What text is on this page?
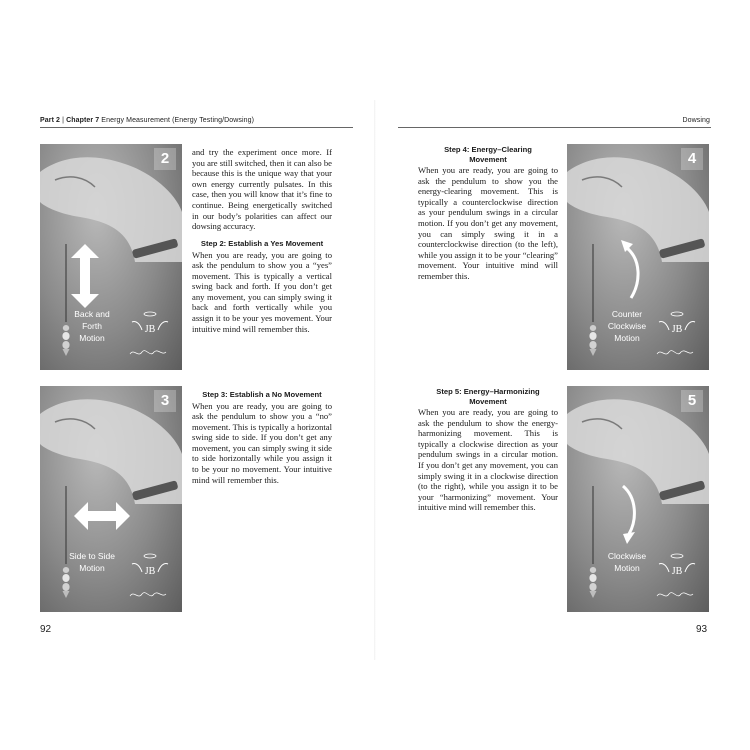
Part 2 | Chapter 7 Energy Measurement (Energy Testing/Dowsing)	Dowsing
2
Back and
Forth
Motion
JB
3
Side to Side
Motion	JB

and try the experiment once more. If you are still switched, then it can also be because this is the unique way that your own energy currently pulsates. In this case, then you will know that it’s fine to continue. Being energetically switched in our body’s polarities can affect our dowsing accuracy.

Step 2: Establish a Yes Movement

When you are ready, you are going to ask the pendulum to show you a “yes” movement. This is typically a vertical swing back and forth. If you don’t get any movement, you can simply swing it back and forth vertically while you assign it to be your yes movement. Your intuitive mind will remember this.

Step 3: Establish a No Movement

When you are ready, you are going to ask the pendulum to show you a “no” movement. This is typically a horizontal swing side to side. If you don’t get any movement, you can simply swing it side to side horizontally while you assign it to be your no movement. Your intuitive mind will remember this.

92
Step 4: Energy–Clearing
Movement

When you are ready, you are going to ask the pendulum to show you the energy-clearing movement. This is typically a counterclockwise direction as your pendulum swings in a circular motion. If you don’t get any movement, you can simply swing it in a counterclockwise direction (to the left), while you assign it to be your “clearing” movement. Your intuitive mind will remember this.

Step 5: Energy–Harmonizing
Movement

When you are ready, you are going to ask the pendulum to show the energy-harmonizing movement. This is typically a clockwise direction as your pendulum swings in a circular motion. If you don’t get any movement, you can simply swing it in a clockwise direction (to the right), while you assign it to be your “harmonizing” movement. Your intuitive mind will remember this.

4
Counter
Clockwise
Motion
JB
5
Clockwise
Motion	JB
93
